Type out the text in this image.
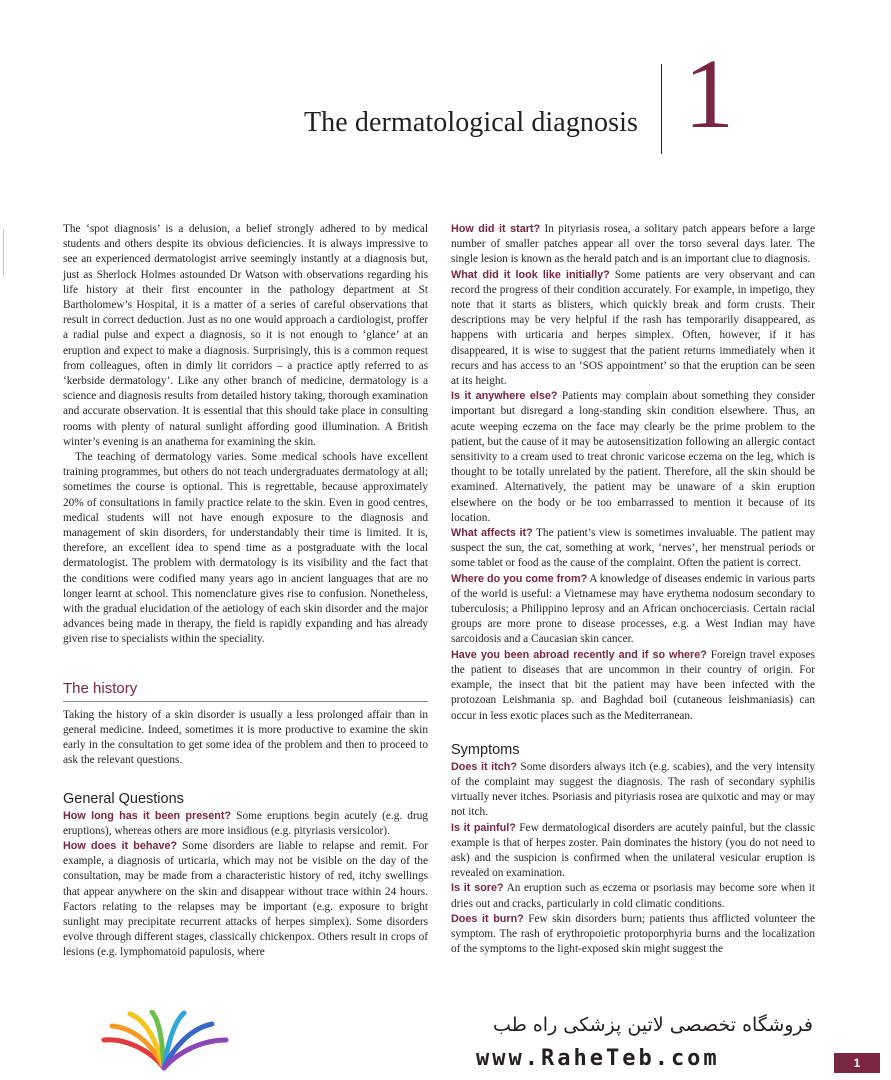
The dermatological diagnosis 1

The ‘spot diagnosis’ is a delusion, a belief strongly adhered to by medical students and others despite its obvious deficiencies. It is always impressive to see an experienced dermatologist arrive seemingly instantly at a diagnosis but, just as Sherlock Holmes astounded Dr Watson with observations regarding his life history at their first encounter in the pathology department at St Bartholomew’s Hospital, it is a matter of a series of careful observations that result in correct deduction. Just as no one would approach a cardiologist, proffer a radial pulse and expect a diagnosis, so it is not enough to ‘glance’ at an eruption and expect to make a diagnosis. Surprisingly, this is a common request from colleagues, often in dimly lit corridors – a practice aptly referred to as ‘kerbside dermatology’. Like any other branch of medicine, dermatology is a science and diagnosis results from detailed history taking, thorough examination and accurate observation. It is essential that this should take place in consulting rooms with plenty of natural sunlight affording good illumination. A British winter’s evening is an anathema for examining the skin.

The teaching of dermatology varies. Some medical schools have excellent training programmes, but others do not teach undergraduates dermatology at all; sometimes the course is optional. This is regrettable, because approximately 20% of consultations in family practice relate to the skin. Even in good centres, medical students will not have enough exposure to the diagnosis and management of skin disorders, for understandably their time is limited. It is, therefore, an excellent idea to spend time as a postgraduate with the local dermatologist. The problem with dermatology is its visibility and the fact that the conditions were codified many years ago in ancient languages that are no longer learnt at school. This nomenclature gives rise to confusion. Nonetheless, with the gradual elucidation of the aetiology of each skin disorder and the major advances being made in therapy, the field is rapidly expanding and has already given rise to specialists within the speciality.

The history

Taking the history of a skin disorder is usually a less prolonged affair than in general medicine. Indeed, sometimes it is more productive to examine the skin early in the consultation to get some idea of the problem and then to proceed to ask the relevant questions.

General Questions

How long has it been present? Some eruptions begin acutely (e.g. drug eruptions), whereas others are more insidious (e.g. pityriasis versicolor).

How does it behave? Some disorders are liable to relapse and remit. For example, a diagnosis of urticaria, which may not be visible on the day of the consultation, may be made from a characteristic history of red, itchy swellings that appear anywhere on the skin and disappear without trace within 24 hours. Factors relating to the relapses may be important (e.g. exposure to bright sunlight may precipitate recurrent attacks of herpes simplex). Some disorders evolve through different stages, classically chickenpox. Others result in crops of lesions (e.g. lymphomatoid papulosis, where

How did it start? In pityriasis rosea, a solitary patch appears before a large number of smaller patches appear all over the torso several days later. The single lesion is known as the herald patch and is an important clue to diagnosis.

What did it look like initially? Some patients are very observant and can record the progress of their condition accurately. For example, in impetigo, they note that it starts as blisters, which quickly break and form crusts. Their descriptions may be very helpful if the rash has temporarily disappeared, as happens with urticaria and herpes simplex. Often, however, if it has disappeared, it is wise to suggest that the patient returns immediately when it recurs and has access to an ‘SOS appointment’ so that the eruption can be seen at its height.

Is it anywhere else? Patients may complain about something they consider important but disregard a long-standing skin condition elsewhere. Thus, an acute weeping eczema on the face may clearly be the prime problem to the patient, but the cause of it may be autosensitization following an allergic contact sensitivity to a cream used to treat chronic varicose eczema on the leg, which is thought to be totally unrelated by the patient. Therefore, all the skin should be examined. Alternatively, the patient may be unaware of a skin eruption elsewhere on the body or be too embarrassed to mention it because of its location.

What affects it? The patient’s view is sometimes invaluable. The patient may suspect the sun, the cat, something at work, ‘nerves’, her menstrual periods or some tablet or food as the cause of the complaint. Often the patient is correct.

Where do you come from? A knowledge of diseases endemic in various parts of the world is useful: a Vietnamese may have erythema nodosum secondary to tuberculosis; a Philippino leprosy and an African onchocerciasis. Certain racial groups are more prone to disease processes, e.g. a West Indian may have sarcoidosis and a Caucasian skin cancer.

Have you been abroad recently and if so where? Foreign travel exposes the patient to diseases that are uncommon in their country of origin. For example, the insect that bit the patient may have been infected with the protozoan Leishmania sp. and Baghdad boil (cutaneous leishmaniasis) can occur in less exotic places such as the Mediterranean.

Symptoms

Does it itch? Some disorders always itch (e.g. scabies), and the very intensity of the complaint may suggest the diagnosis. The rash of secondary syphilis virtually never itches. Psoriasis and pityriasis rosea are quixotic and may or may not itch.

Is it painful? Few dermatological disorders are acutely painful, but the classic example is that of herpes zoster. Pain dominates the history (you do not need to ask) and the suspicion is confirmed when the unilateral vesicular eruption is revealed on examination.

Is it sore? An eruption such as eczema or psoriasis may become sore when it dries out and cracks, particularly in cold climatic conditions.

Does it burn? Few skin disorders burn; patients thus afflicted volunteer the symptom. The rash of erythropoietic protoporphyria burns and the localization of the symptoms to the light-exposed skin might suggest the

فروشگاه تخصصی لاتین پزشکی راه طب
www.RaheTeb.com	1
